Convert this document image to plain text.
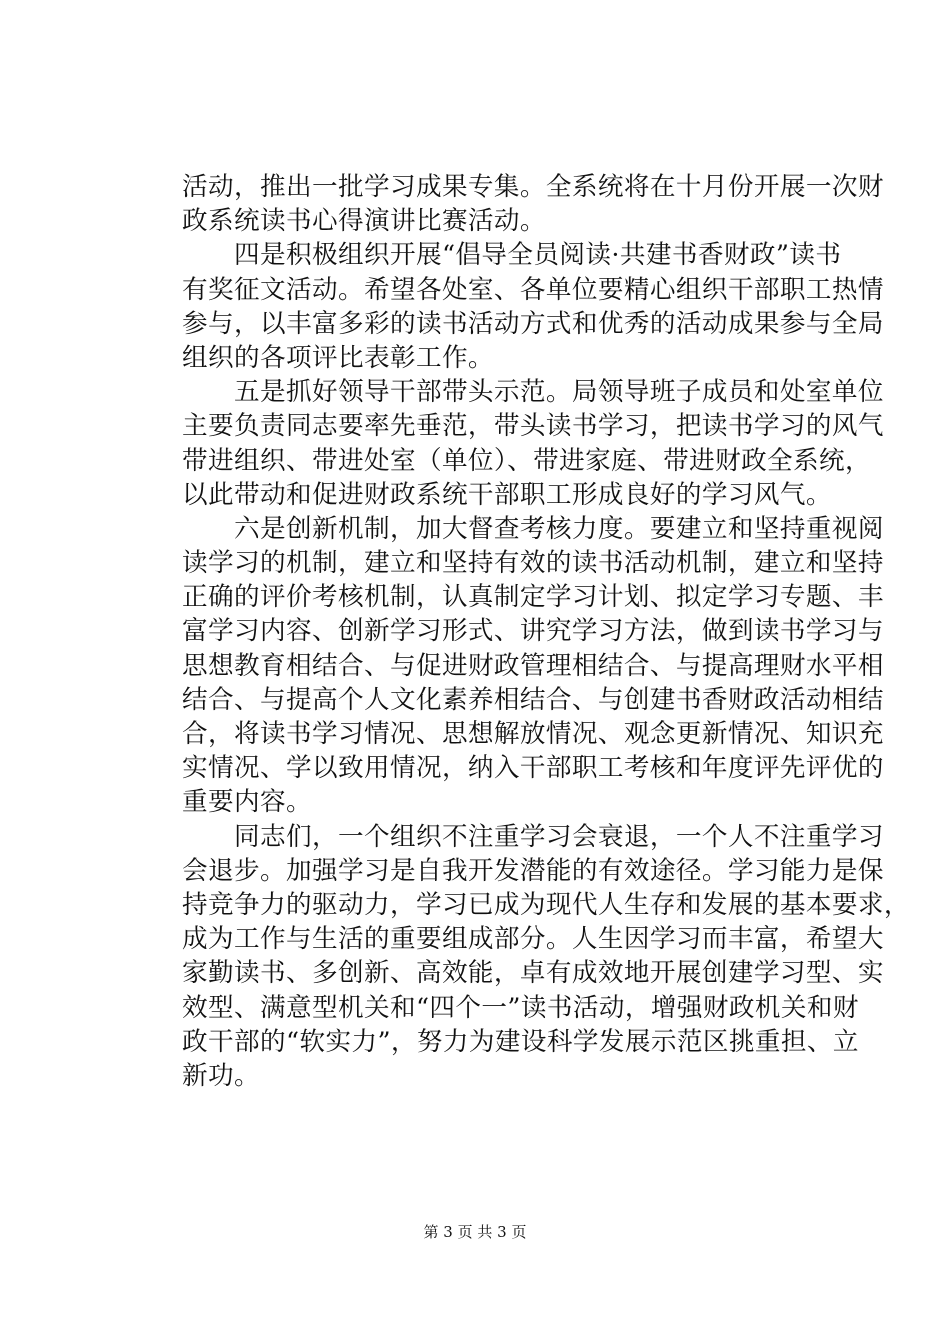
活动，推出一批学习成果专集。全系统将在十月份开展一次财
政系统读书心得演讲比赛活动。
　　四是积极组织开展“倡导全员阅读·共建书香财政”读书
有奖征文活动。希望各处室、各单位要精心组织干部职工热情
参与，以丰富多彩的读书活动方式和优秀的活动成果参与全局
组织的各项评比表彰工作。
　　五是抓好领导干部带头示范。局领导班子成员和处室单位
主要负责同志要率先垂范，带头读书学习，把读书学习的风气
带进组织、带进处室（单位）、带进家庭、带进财政全系统，
以此带动和促进财政系统干部职工形成良好的学习风气。
　　六是创新机制，加大督查考核力度。要建立和坚持重视阅
读学习的机制，建立和坚持有效的读书活动机制，建立和坚持
正确的评价考核机制，认真制定学习计划、拟定学习专题、丰
富学习内容、创新学习形式、讲究学习方法，做到读书学习与
思想教育相结合、与促进财政管理相结合、与提高理财水平相
结合、与提高个人文化素养相结合、与创建书香财政活动相结
合，将读书学习情况、思想解放情况、观念更新情况、知识充
实情况、学以致用情况，纳入干部职工考核和年度评先评优的
重要内容。
　　同志们，一个组织不注重学习会衰退，一个人不注重学习
会退步。加强学习是自我开发潜能的有效途径。学习能力是保
持竞争力的驱动力，学习已成为现代人生存和发展的基本要求，
成为工作与生活的重要组成部分。人生因学习而丰富，希望大
家勤读书、多创新、高效能，卓有成效地开展创建学习型、实
效型、满意型机关和“四个一”读书活动，增强财政机关和财
政干部的“软实力”，努力为建设科学发展示范区挑重担、立
新功。
第 3 页 共 3 页
